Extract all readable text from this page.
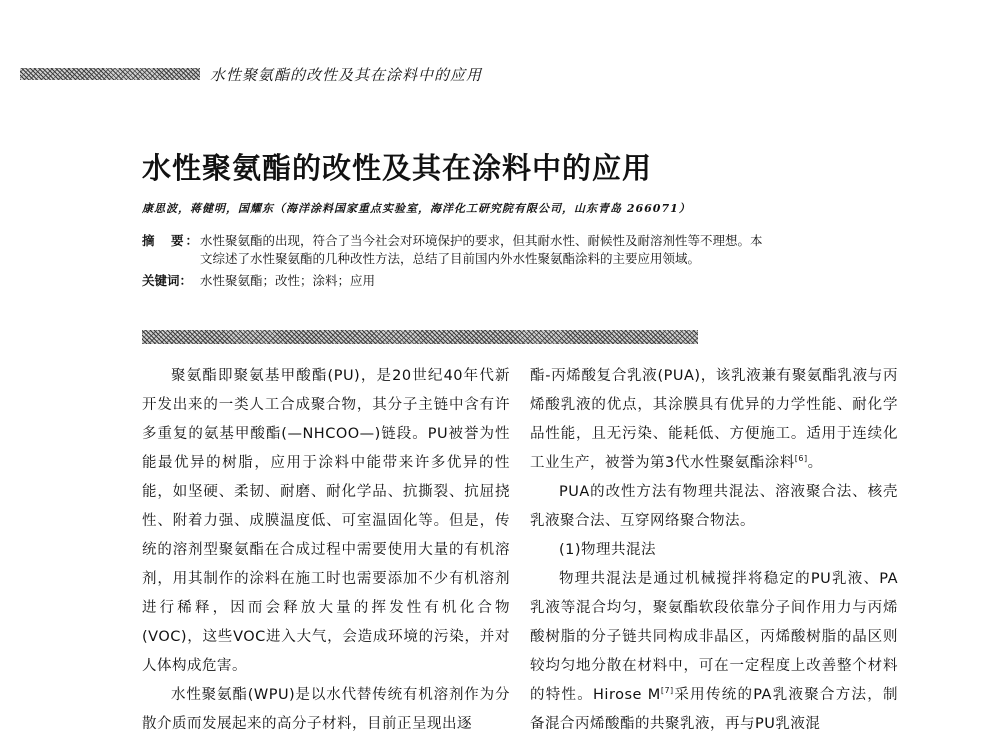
水性聚氨酯的改性及其在涂料中的应用
水性聚氨酯的改性及其在涂料中的应用
康思波，蒋健明，国耀东（海洋涂料国家重点实验室，海洋化工研究院有限公司，山东青岛 266071）
摘　要： 水性聚氨酯的出现，符合了当今社会对环境保护的要求，但其耐水性、耐候性及耐溶剂性等不理想。本
文综述了水性聚氨酯的几种改性方法，总结了目前国内外水性聚氨酯涂料的主要应用领域。
关键词： 水性聚氨酯；改性；涂料；应用

聚氨酯即聚氨基甲酸酯(PU)，是20世纪40年代新开发出来的一类人工合成聚合物，其分子主链中含有许多重复的氨基甲酸酯(—NHCOO—)链段。PU被誉为性能最优异的树脂，应用于涂料中能带来许多优异的性能，如坚硬、柔韧、耐磨、耐化学品、抗撕裂、抗屈挠性、附着力强、成膜温度低、可室温固化等。但是，传统的溶剂型聚氨酯在合成过程中需要使用大量的有机溶剂，用其制作的涂料在施工时也需要添加不少有机溶剂进行稀释，因而会释放大量的挥发性有机化合物(VOC)，这些VOC进入大气，会造成环境的污染，并对人体构成危害。

水性聚氨酯(WPU)是以水代替传统有机溶剂作为分散介质而发展起来的高分子材料，目前正呈现出逐

酯-丙烯酸复合乳液(PUA)，该乳液兼有聚氨酯乳液与丙烯酸乳液的优点，其涂膜具有优异的力学性能、耐化学品性能，且无污染、能耗低、方便施工。适用于连续化工业生产，被誉为第3代水性聚氨酯涂料[6]。

PUA的改性方法有物理共混法、溶液聚合法、核壳乳液聚合法、互穿网络聚合物法。

(1)物理共混法

物理共混法是通过机械搅拌将稳定的PU乳液、PA乳液等混合均匀，聚氨酯软段依靠分子间作用力与丙烯酸树脂的分子链共同构成非晶区，丙烯酸树脂的晶区则较均匀地分散在材料中，可在一定程度上改善整个材料的特性。Hirose M[7]采用传统的PA乳液聚合方法，制备混合丙烯酸酯的共聚乳液，再与PU乳液混
